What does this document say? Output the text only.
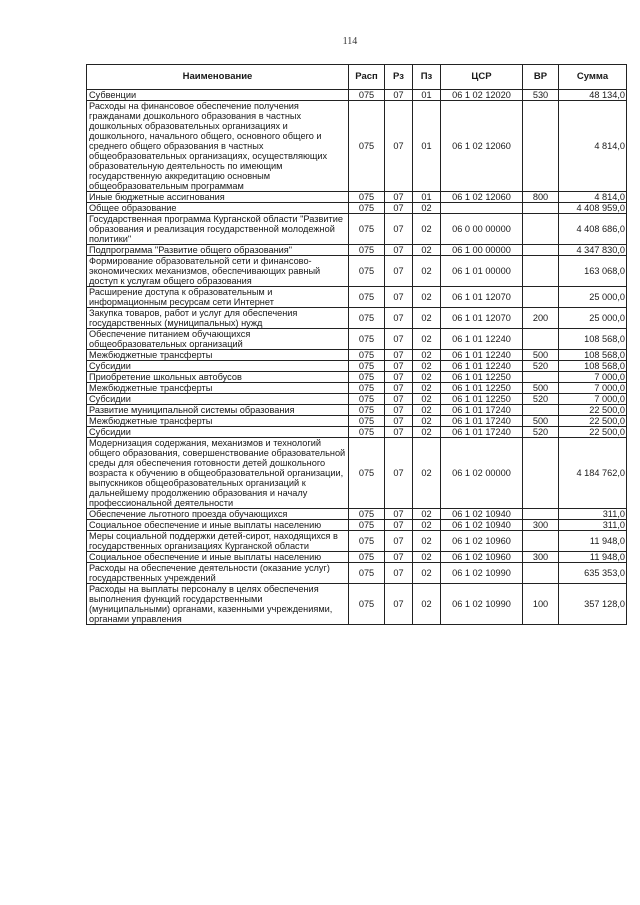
114
Наименование	Расп	Рз	Пз	ЦСР	ВР	Сумма
Субвенции	075	07	01	06 1 02 12020	530	48 134,0
Расходы на финансовое обеспечение получения гражданами дошкольного образования в частных дошкольных образовательных организациях и дошкольного, начального общего, основного общего и среднего общего образования в частных общеобразовательных организациях, осуществляющих образовательную деятельность по имеющим государственную аккредитацию основным общеобразовательным программам	075	07	01	06 1 02 12060		4 814,0
Иные бюджетные ассигнования	075	07	01	06 1 02 12060	800	4 814,0
Общее образование	075	07	02			4 408 959,0
Государственная программа Курганской области "Развитие образования и реализация государственной молодежной политики"	075	07	02	06 0 00 00000		4 408 686,0
Подпрограмма "Развитие общего образования"	075	07	02	06 1 00 00000		4 347 830,0
Формирование образовательной сети и финансово-экономических механизмов, обеспечивающих равный доступ к услугам общего образования	075	07	02	06 1 01 00000		163 068,0
Расширение доступа к образовательным и информационным ресурсам сети Интернет	075	07	02	06 1 01 12070		25 000,0
Закупка товаров, работ и услуг для обеспечения государственных (муниципальных) нужд	075	07	02	06 1 01 12070	200	25 000,0
Обеспечение питанием обучающихся общеобразовательных организаций	075	07	02	06 1 01 12240		108 568,0
Межбюджетные трансферты	075	07	02	06 1 01 12240	500	108 568,0
Субсидии	075	07	02	06 1 01 12240	520	108 568,0
Приобретение школьных автобусов	075	07	02	06 1 01 12250		7 000,0
Межбюджетные трансферты	075	07	02	06 1 01 12250	500	7 000,0
Субсидии	075	07	02	06 1 01 12250	520	7 000,0
Развитие муниципальной системы образования	075	07	02	06 1 01 17240		22 500,0
Межбюджетные трансферты	075	07	02	06 1 01 17240	500	22 500,0
Субсидии	075	07	02	06 1 01 17240	520	22 500,0
Модернизация содержания, механизмов и технологий общего образования, совершенствование образовательной среды для обеспечения готовности детей дошкольного возраста к обучению в общеобразовательной организации, выпускников общеобразовательных организаций к дальнейшему продолжению образования и началу профессиональной деятельности	075	07	02	06 1 02 00000		4 184 762,0
Обеспечение льготного проезда обучающихся	075	07	02	06 1 02 10940		311,0
Социальное обеспечение и иные выплаты населению	075	07	02	06 1 02 10940	300	311,0
Меры социальной поддержки детей-сирот, находящихся в государственных организациях Курганской области	075	07	02	06 1 02 10960		11 948,0
Социальное обеспечение и иные выплаты населению	075	07	02	06 1 02 10960	300	11 948,0
Расходы на обеспечение деятельности (оказание услуг) государственных учреждений	075	07	02	06 1 02 10990		635 353,0
Расходы на выплаты персоналу в целях обеспечения выполнения функций государственными (муниципальными) органами, казенными учреждениями, органами управления	075	07	02	06 1 02 10990	100	357 128,0
